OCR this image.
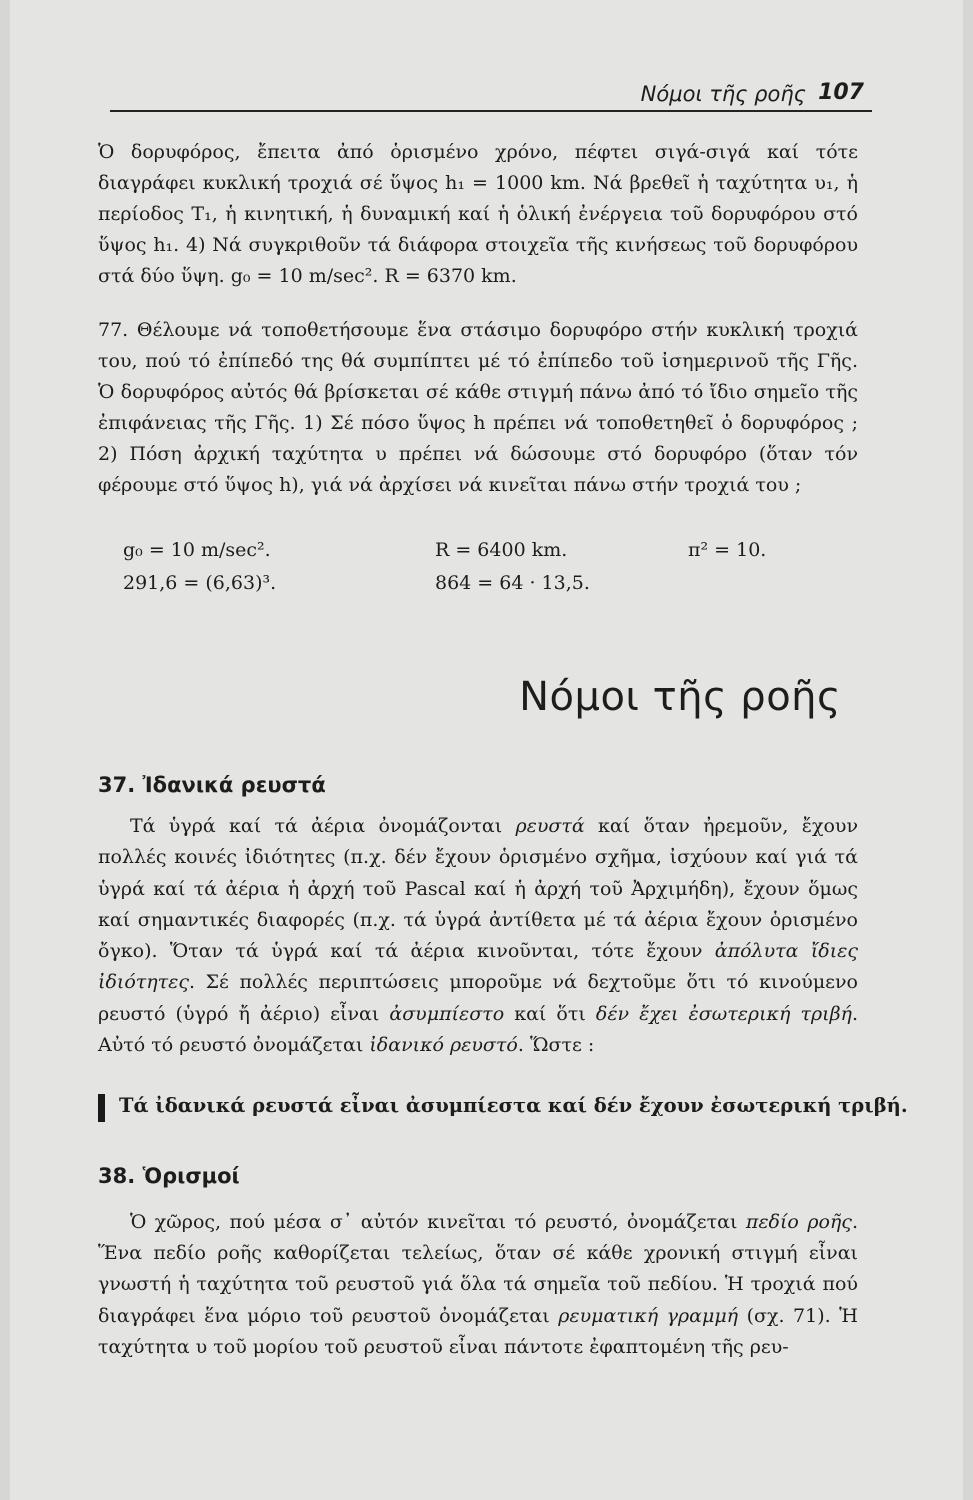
Νόμοι τῆς ροῆς 107

Ὁ δορυφόρος, ἔπειτα ἀπό ὁρισμένο χρόνο, πέφτει σιγά-σιγά καί τότε διαγράφει κυκλική τροχιά σέ ὕψος h₁ = 1000 km. Νά βρεθεῖ ἡ ταχύτητα υ₁, ἡ περίοδος T₁, ἡ κινητική, ἡ δυναμική καί ἡ ὁλική ἐνέργεια τοῦ δορυφόρου στό ὕψος h₁. 4) Νά συγκριθοῦν τά διάφορα στοιχεῖα τῆς κινήσεως τοῦ δορυφόρου στά δύο ὕψη. g₀ = 10 m/sec². R = 6370 km.

77. Θέλουμε νά τοποθετήσουμε ἕνα στάσιμο δορυφόρο στήν κυκλική τροχιά του, πού τό ἐπίπεδό της θά συμπίπτει μέ τό ἐπίπεδο τοῦ ἰσημερινοῦ τῆς Γῆς. Ὁ δορυφόρος αὐτός θά βρίσκεται σέ κάθε στιγμή πάνω ἀπό τό ἴδιο σημεῖο τῆς ἐπιφάνειας τῆς Γῆς. 1) Σέ πόσο ὕψος h πρέπει νά τοποθετηθεῖ ὁ δορυφόρος ; 2) Πόση ἀρχική ταχύτητα υ πρέπει νά δώσουμε στό δορυφόρο (ὅταν τόν φέρουμε στό ὕψος h), γιά νά ἀρχίσει νά κινεῖται πάνω στήν τροχιά του ;

g₀ = 10 m/sec².	R = 6400 km.	π² = 10.
291,6 = (6,63)³.	864 = 64 · 13,5.
Νόμοι τῆς ροῆς
37. Ἰδανικά ρευστά

Τά ὑγρά καί τά ἀέρια ὀνομάζονται ρευστά καί ὅταν ἠρεμοῦν, ἔχουν πολλές κοινές ἰδιότητες (π.χ. δέν ἔχουν ὁρισμένο σχῆμα, ἰσχύουν καί γιά τά ὑγρά καί τά ἀέρια ἡ ἀρχή τοῦ Pascal καί ἡ ἀρχή τοῦ Ἀρχιμήδη), ἔχουν ὅμως καί σημαντικές διαφορές (π.χ. τά ὑγρά ἀντίθετα μέ τά ἀέρια ἔχουν ὁρισμένο ὄγκο). Ὅταν τά ὑγρά καί τά ἀέρια κινοῦνται, τότε ἔχουν ἀπόλυτα ἴδιες ἰδιότητες. Σέ πολλές περιπτώσεις μποροῦμε νά δεχτοῦμε ὅτι τό κινούμενο ρευστό (ὑγρό ἤ ἀέριο) εἶναι ἀσυμπίεστο καί ὅτι δέν ἔχει ἐσωτερική τριβή. Αὐτό τό ρευστό ὀνομάζεται ἰδανικό ρευστό. Ὥστε :

Τά ἰδανικά ρευστά εἶναι ἀσυμπίεστα καί δέν ἔχουν ἐσωτερική τριβή.
38. Ὁρισμοί

Ὁ χῶρος, πού μέσα σ᾽ αὐτόν κινεῖται τό ρευστό, ὀνομάζεται πεδίο ροῆς. Ἕνα πεδίο ροῆς καθορίζεται τελείως, ὅταν σέ κάθε χρονική στιγμή εἶναι γνωστή ἡ ταχύτητα τοῦ ρευστοῦ γιά ὅλα τά σημεῖα τοῦ πεδίου. Ἡ τροχιά πού διαγράφει ἕνα μόριο τοῦ ρευστοῦ ὀνομάζεται ρευματική γραμμή (σχ. 71). Ἡ ταχύτητα υ τοῦ μορίου τοῦ ρευστοῦ εἶναι πάντοτε ἐφαπτομένη τῆς ρευ-
